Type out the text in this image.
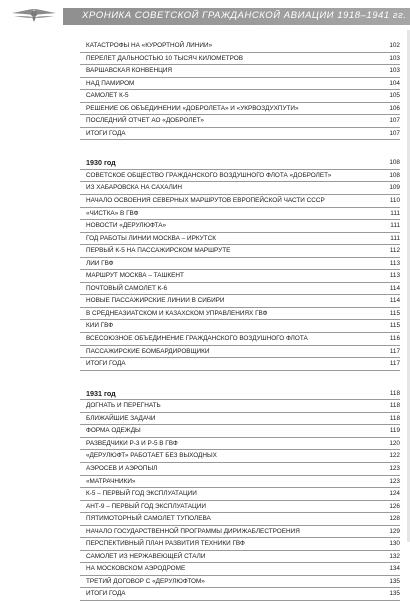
ХРОНИКА СОВЕТСКОЙ ГРАЖДАНСКОЙ АВИАЦИИ 1918–1941 гг.
КАТАСТРОФЫ НА «КУРОРТНОЙ ЛИНИИ»	102
ПЕРЕЛЕТ ДАЛЬНОСТЬЮ 10 ТЫСЯЧ КИЛОМЕТРОВ	103
ВАРШАВСКАЯ КОНВЕНЦИЯ	103
НАД ПАМИРОМ	104
САМОЛЕТ К-5	105
РЕШЕНИЕ ОБ ОБЪЕДИНЕНИИ «ДОБРОЛЕТА» И «УКРВОЗДУХПУТИ»	106
ПОСЛЕДНИЙ ОТЧЕТ АО «ДОБРОЛЕТ»	107
ИТОГИ ГОДА	107
1930 год	108
СОВЕТСКОЕ ОБЩЕСТВО ГРАЖДАНСКОГО ВОЗДУШНОГО ФЛОТА «ДОБРОЛЕТ»	108
ИЗ ХАБАРОВСКА НА САХАЛИН	109
НАЧАЛО ОСВОЕНИЯ СЕВЕРНЫХ МАРШРУТОВ ЕВРОПЕЙСКОЙ ЧАСТИ СССР	110
«ЧИСТКА» В ГВФ	111
НОВОСТИ «ДЕРУЛЮФТА»	111
ГОД РАБОТЫ ЛИНИИ МОСКВА – ИРКУТСК	111
ПЕРВЫЙ К-5 НА ПАССАЖИРСКОМ МАРШРУТЕ	112
ЛИИ ГВФ	113
МАРШРУТ МОСКВА – ТАШКЕНТ	113
ПОЧТОВЫЙ САМОЛЕТ К-6	114
НОВЫЕ ПАССАЖИРСКИЕ ЛИНИИ В СИБИРИ	114
В СРЕДНЕАЗИАТСКОМ И КАЗАХСКОМ УПРАВЛЕНИЯХ ГВФ	115
КИИ ГВФ	115
ВСЕСОЮЗНОЕ ОБЪЕДИНЕНИЕ ГРАЖДАНСКОГО ВОЗДУШНОГО ФЛОТА	116
ПАССАЖИРСКИЕ БОМБАРДИРОВЩИКИ	117
ИТОГИ ГОДА	117
1931 год	118
ДОГНАТЬ И ПЕРЕГНАТЬ	118
БЛИЖАЙШИЕ ЗАДАЧИ	118
ФОРМА ОДЕЖДЫ	119
РАЗВЕДЧИКИ Р-3 И Р-5 В ГВФ	120
«ДЕРУЛЮФТ» РАБОТАЕТ БЕЗ ВЫХОДНЫХ	122
АЭРОСЕВ И АЭРОПЫЛ	123
«МАТРАЧНИКИ»	123
К-5 – ПЕРВЫЙ ГОД ЭКСПЛУАТАЦИИ	124
АНТ-9 – ПЕРВЫЙ ГОД ЭКСПЛУАТАЦИИ	126
ПЯТИМОТОРНЫЙ САМОЛЕТ ТУПОЛЕВА	128
НАЧАЛО ГОСУДАРСТВЕННОЙ ПРОГРАММЫ ДИРИЖАБЛЕСТРОЕНИЯ	129
ПЕРСПЕКТИВНЫЙ ПЛАН РАЗВИТИЯ ТЕХНИКИ ГВФ	130
САМОЛЕТ ИЗ НЕРЖАВЕЮЩЕЙ СТАЛИ	132
НА МОСКОВСКОМ АЭРОДРОМЕ	134
ТРЕТИЙ ДОГОВОР С «ДЕРУЛЮФТОМ»	135
ИТОГИ ГОДА	135
